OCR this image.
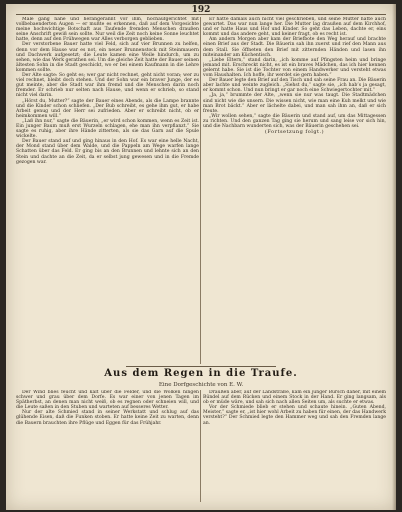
192

Male gang nahe und herangerannt vor ihm, hochaufgerichtet mit vollbebaenderten Augen — er mußte es erkennen, daß auf dem Vorgesichte meine hochwichtige Botschaft aus Taufende fremden Menschen draußen seine Anschrift gewiß sein sollte. Nur weil die Zeit noch keine Sonne leuchtet hatte, denn auf den Frühwegen war Alles verborgen geblieben.

Der verstorbene Bauer hatte viel Feld, sich auf vier Brunnen zu helfen, denn vor dem Hause war es not, ein neuer Brunnenstock mit Steinmauern und Dachwerk aufgesetzt; die Leute kamen eine Weile hindurch, um zu sehen, wie das Werk gerathen sei. Um die gleiche Zeit hatte der Bauer seinen ältesten Sohn in die Stadt geschickt, wo er bei einem Kaufmann in die Lehre kommen sollte.

Der Alte sagte: So geht es; wer gar nicht rechnet, geht nicht voran; wer zu viel rechnet, bleibt doch stehen. Und der Sohn war ein braver Junge, der es gut meinte, aber die Stadt war ihm fremd und die Menschen darin noch fremder. Er schrieb nur selten nach Hause, und wenn er schrieb, so stand nicht viel darin.

„Hörst du, Mutter?“ sagte der Bauer eines Abends, als die Lampe brannte und die Kinder schon schliefen. „Der Bub schreibt, es gehe ihm gut, er habe Arbeit genug und der Herr sei zufrieden. Aber er schreibt nicht, ob er heimkommen will.“

„Laß ihn nur,“ sagte die Bäuerin, „er wird schon kommen, wenn es Zeit ist. Ein junger Baum muß erst Wurzeln schlagen, ehe man ihn verpflanzt.“ Sie sagte es ruhig, aber ihre Hände zitterten, als sie das Garn auf die Spule wickelte.

Der Bauer stand auf und ging hinaus in den Hof. Es war eine helle Nacht, der Mond stand über dem Walde, und die Pappeln am Wege warfen lange Schatten über das Feld. Er ging bis an den Brunnen und lehnte sich an den Stein und dachte an die Zeit, da er selbst jung gewesen und in die Fremde gezogen war.

Er hatte damals auch nicht viel geschrieben, und seine Mutter hatte auch gewartet. Das war nun lange her. Die Mutter lag draußen auf dem Kirchhof, und er hatte Haus und Hof und Kinder. So geht das Leben, dachte er, eins kommt und das andere geht, und keiner fragt, ob es recht ist.

Am andern Morgen aber kam der Briefbote den Weg herauf und brachte einen Brief aus der Stadt. Die Bäuerin sah ihn zuerst und rief den Mann aus dem Stall. Sie öffneten den Brief mit zitternden Händen und lasen ihn miteinander am Küchentisch.

„Liebe Eltern,“ stand darin, „ich komme auf Pfingsten heim und bringe jemand mit. Erschreckt nicht, es ist ein braves Mädchen, das ich hier kennen gelernt habe. Sie ist die Tochter von einem Handwerker und versteht etwas vom Haushalten. Ich hoffe, ihr werdet sie gern haben.“

Der Bauer legte den Brief auf den Tisch und sah seine Frau an. Die Bäuerin aber lachte und weinte zugleich. „Siehst du,“ sagte sie, „ich hab’s ja gesagt, er kommt schon. Und nun bringt er gar noch eine Schwiegertochter mit.“

„Ja, ja,“ brummte der Alte, „wenn sie nur was taugt. Die Stadtmädchen sind nicht wie die unsern. Die wissen nicht, wie man eine Kuh melkt und wie man Brot bäckt.“ Aber er lächelte dabei, und man sah ihm an, daß er sich freute.

„Wir wollen sehen,“ sagte die Bäuerin und stand auf, um das Mittagessen zu richten. Und den ganzen Tag ging sie herum und sang leise vor sich hin, und die Nachbarn wunderten sich, was der Bäuerin geschehen sei.

(Fortsetzung folgt.)
Aus dem Regen in die Traufe.
Eine Dorfgeschichte von E. W.

Der Wind blies feucht und kalt über die Felder, und die Wolken hingen schwer und grau über dem Dorfe. Es war einer von jenen Tagen im Spätherbst, an denen man nicht weiß, ob es regnen oder schneien will, und die Leute saßen in den Stuben und warteten auf besseres Wetter.

Nur der alte Schmied stand in seiner Werkstatt und schlug auf das glühende Eisen, daß die Funken stoben. Er hatte keine Zeit zu warten, denn die Bauern brauchten ihre Pflüge und Eggen für das Frühjahr.

Draußen aber, auf der Landstraße, kam ein junger Bursch daher, mit einem Bündel auf dem Rücken und einem Stock in der Hand. Er ging langsam, als ob er müde wäre, und sah sich nach allen Seiten um, als suchte er etwas.

Vor der Schmiede blieb er stehen und schaute hinein. „Guten Abend, Meister,“ sagte er, „ist hier wohl Arbeit zu haben für einen, der das Handwerk versteht?“ Der Schmied legte den Hammer weg und sah den Fremden lange an.
